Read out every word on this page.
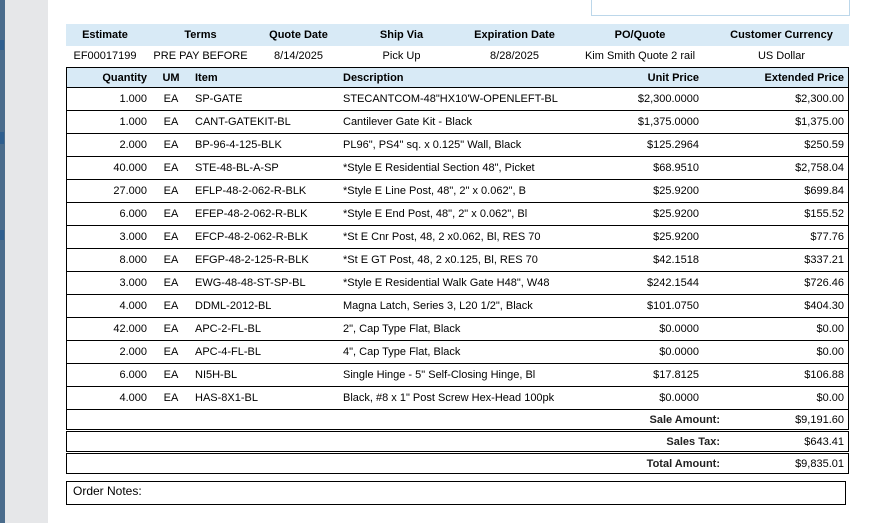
Estimate	Terms	Quote Date	Ship Via	Expiration Date	PO/Quote	Customer Currency
EF00017199	PRE PAY BEFORE	8/14/2025	Pick Up	8/28/2025	Kim Smith Quote 2 rail	US Dollar
Quantity	UM	Item	Description	Unit Price	Extended Price
1.000	EA	SP-GATE	STECANTCOM-48"HX10'W-OPENLEFT-BL	$2,300.0000	$2,300.00
1.000	EA	CANT-GATEKIT-BL	Cantilever Gate Kit - Black	$1,375.0000	$1,375.00
2.000	EA	BP-96-4-125-BLK	PL96", PS4" sq. x 0.125" Wall, Black	$125.2964	$250.59
40.000	EA	STE-48-BL-A-SP	*Style E Residential Section 48", Picket	$68.9510	$2,758.04
27.000	EA	EFLP-48-2-062-R-BLK	*Style E Line Post, 48", 2" x 0.062", B	$25.9200	$699.84
6.000	EA	EFEP-48-2-062-R-BLK	*Style E End Post, 48", 2" x 0.062", Bl	$25.9200	$155.52
3.000	EA	EFCP-48-2-062-R-BLK	*St E Cnr Post, 48, 2 x0.062, Bl, RES 70	$25.9200	$77.76
8.000	EA	EFGP-48-2-125-R-BLK	*St E GT Post, 48, 2 x0.125, Bl, RES 70	$42.1518	$337.21
3.000	EA	EWG-48-48-ST-SP-BL	*Style E Residential Walk Gate H48", W48	$242.1544	$726.46
4.000	EA	DDML-2012-BL	Magna Latch, Series 3, L20 1/2", Black	$101.0750	$404.30
42.000	EA	APC-2-FL-BL	2", Cap Type Flat, Black	$0.0000	$0.00
2.000	EA	APC-4-FL-BL	4", Cap Type Flat, Black	$0.0000	$0.00
6.000	EA	NI5H-BL	Single Hinge - 5" Self-Closing Hinge, Bl	$17.8125	$106.88
4.000	EA	HAS-8X1-BL	Black, #8 x 1" Post Screw Hex-Head 100pk	$0.0000	$0.00
	Sale Amount:	$9,191.60

	Sales Tax:	$643.41

	Total Amount:	$9,835.01
Order Notes:
